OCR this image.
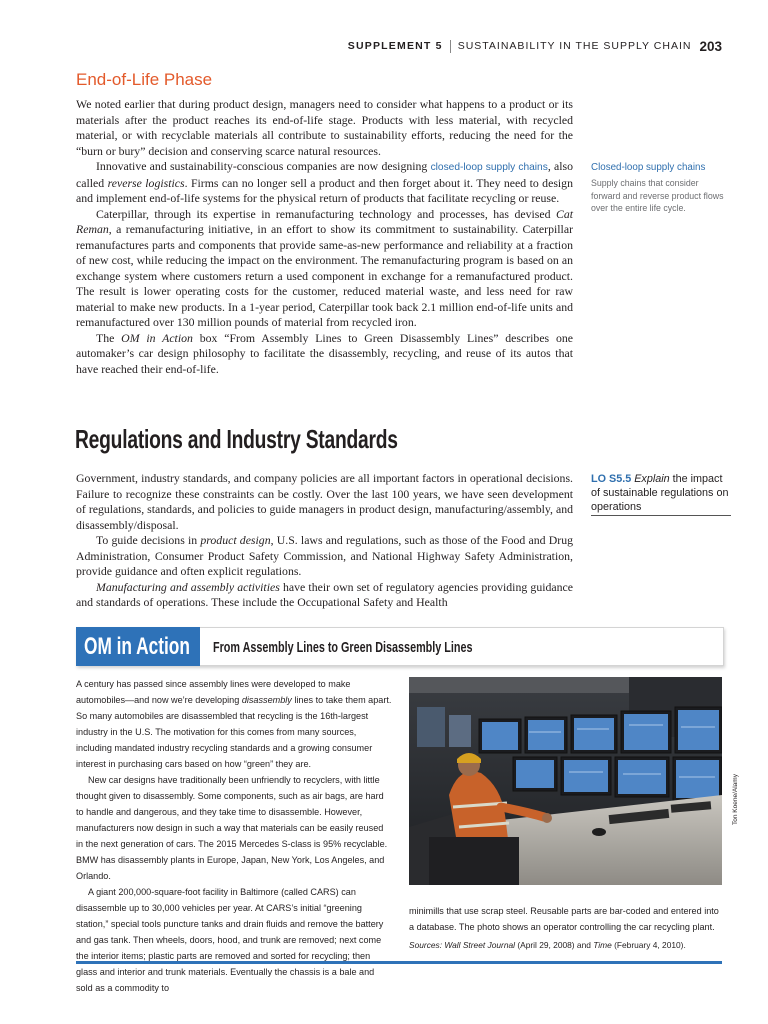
SUPPLEMENT 5 SUSTAINABILITY IN THE SUPPLY CHAIN 203
End-of-Life Phase

We noted earlier that during product design, managers need to consider what happens to a product or its materials after the product reaches its end-of-life stage. Products with less material, with recycled material, or with recyclable materials all contribute to sustainability efforts, reducing the need for the “burn or bury” decision and conserving scarce natural resources.

Innovative and sustainability-conscious companies are now designing closed-loop supply chains, also called reverse logistics. Firms can no longer sell a product and then forget about it. They need to design and implement end-of-life systems for the physical return of products that facilitate recycling or reuse.

Caterpillar, through its expertise in remanufacturing technology and processes, has devised Cat Reman, a remanufacturing initiative, in an effort to show its commitment to sustainability. Caterpillar remanufactures parts and components that provide same-as-new performance and reliability at a fraction of new cost, while reducing the impact on the environment. The remanufacturing program is based on an exchange system where customers return a used component in exchange for a remanufactured product. The result is lower operating costs for the customer, reduced material waste, and less need for raw material to make new products. In a 1-year period, Caterpillar took back 2.1 million end-of-life units and remanufactured over 130 million pounds of material from recycled iron.

The OM in Action box “From Assembly Lines to Green Disassembly Lines” describes one automaker’s car design philosophy to facilitate the disassembly, recycling, and reuse of its autos that have reached their end-of-life.

Closed-loop supply chains
Supply chains that consider forward and reverse product flows over the entire life cycle.
Regulations and Industry Standards

Government, industry standards, and company policies are all important factors in operational decisions. Failure to recognize these constraints can be costly. Over the last 100 years, we have seen development of regulations, standards, and policies to guide managers in product design, manufacturing/assembly, and disassembly/disposal.

To guide decisions in product design, U.S. laws and regulations, such as those of the Food and Drug Administration, Consumer Product Safety Commission, and National Highway Safety Administration, provide guidance and often explicit regulations.

Manufacturing and assembly activities have their own set of regulatory agencies providing guidance and standards of operations. These include the Occupational Safety and Health

LO S5.5 Explain the impact of sustainable regulations on operations
OM in Action	From Assembly Lines to Green Disassembly Lines

A century has passed since assembly lines were developed to make automobiles—and now we’re developing disassembly lines to take them apart. So many automobiles are disassembled that recycling is the 16th-largest industry in the U.S. The motivation for this comes from many sources, including mandated industry recycling standards and a growing consumer interest in purchasing cars based on how “green” they are.

New car designs have traditionally been unfriendly to recyclers, with little thought given to disassembly. Some components, such as air bags, are hard to handle and dangerous, and they take time to disassemble. However, manufacturers now design in such a way that materials can be easily reused in the next generation of cars. The 2015 Mercedes S-class is 95% recyclable. BMW has disassembly plants in Europe, Japan, New York, Los Angeles, and Orlando.

A giant 200,000-square-foot facility in Baltimore (called CARS) can disassemble up to 30,000 vehicles per year. At CARS’s initial “greening station,” special tools puncture tanks and drain fluids and remove the battery and gas tank. Then wheels, doors, hood, and trunk are removed; next come the interior items; plastic parts are removed and sorted for recycling; then glass and interior and trunk materials. Eventually the chassis is a bale and sold as a commodity to

Ton Koene/Alamy

minimills that use scrap steel. Reusable parts are bar-coded and entered into a database. The photo shows an operator controlling the car recycling plant.

Sources: Wall Street Journal (April 29, 2008) and Time (February 4, 2010).
